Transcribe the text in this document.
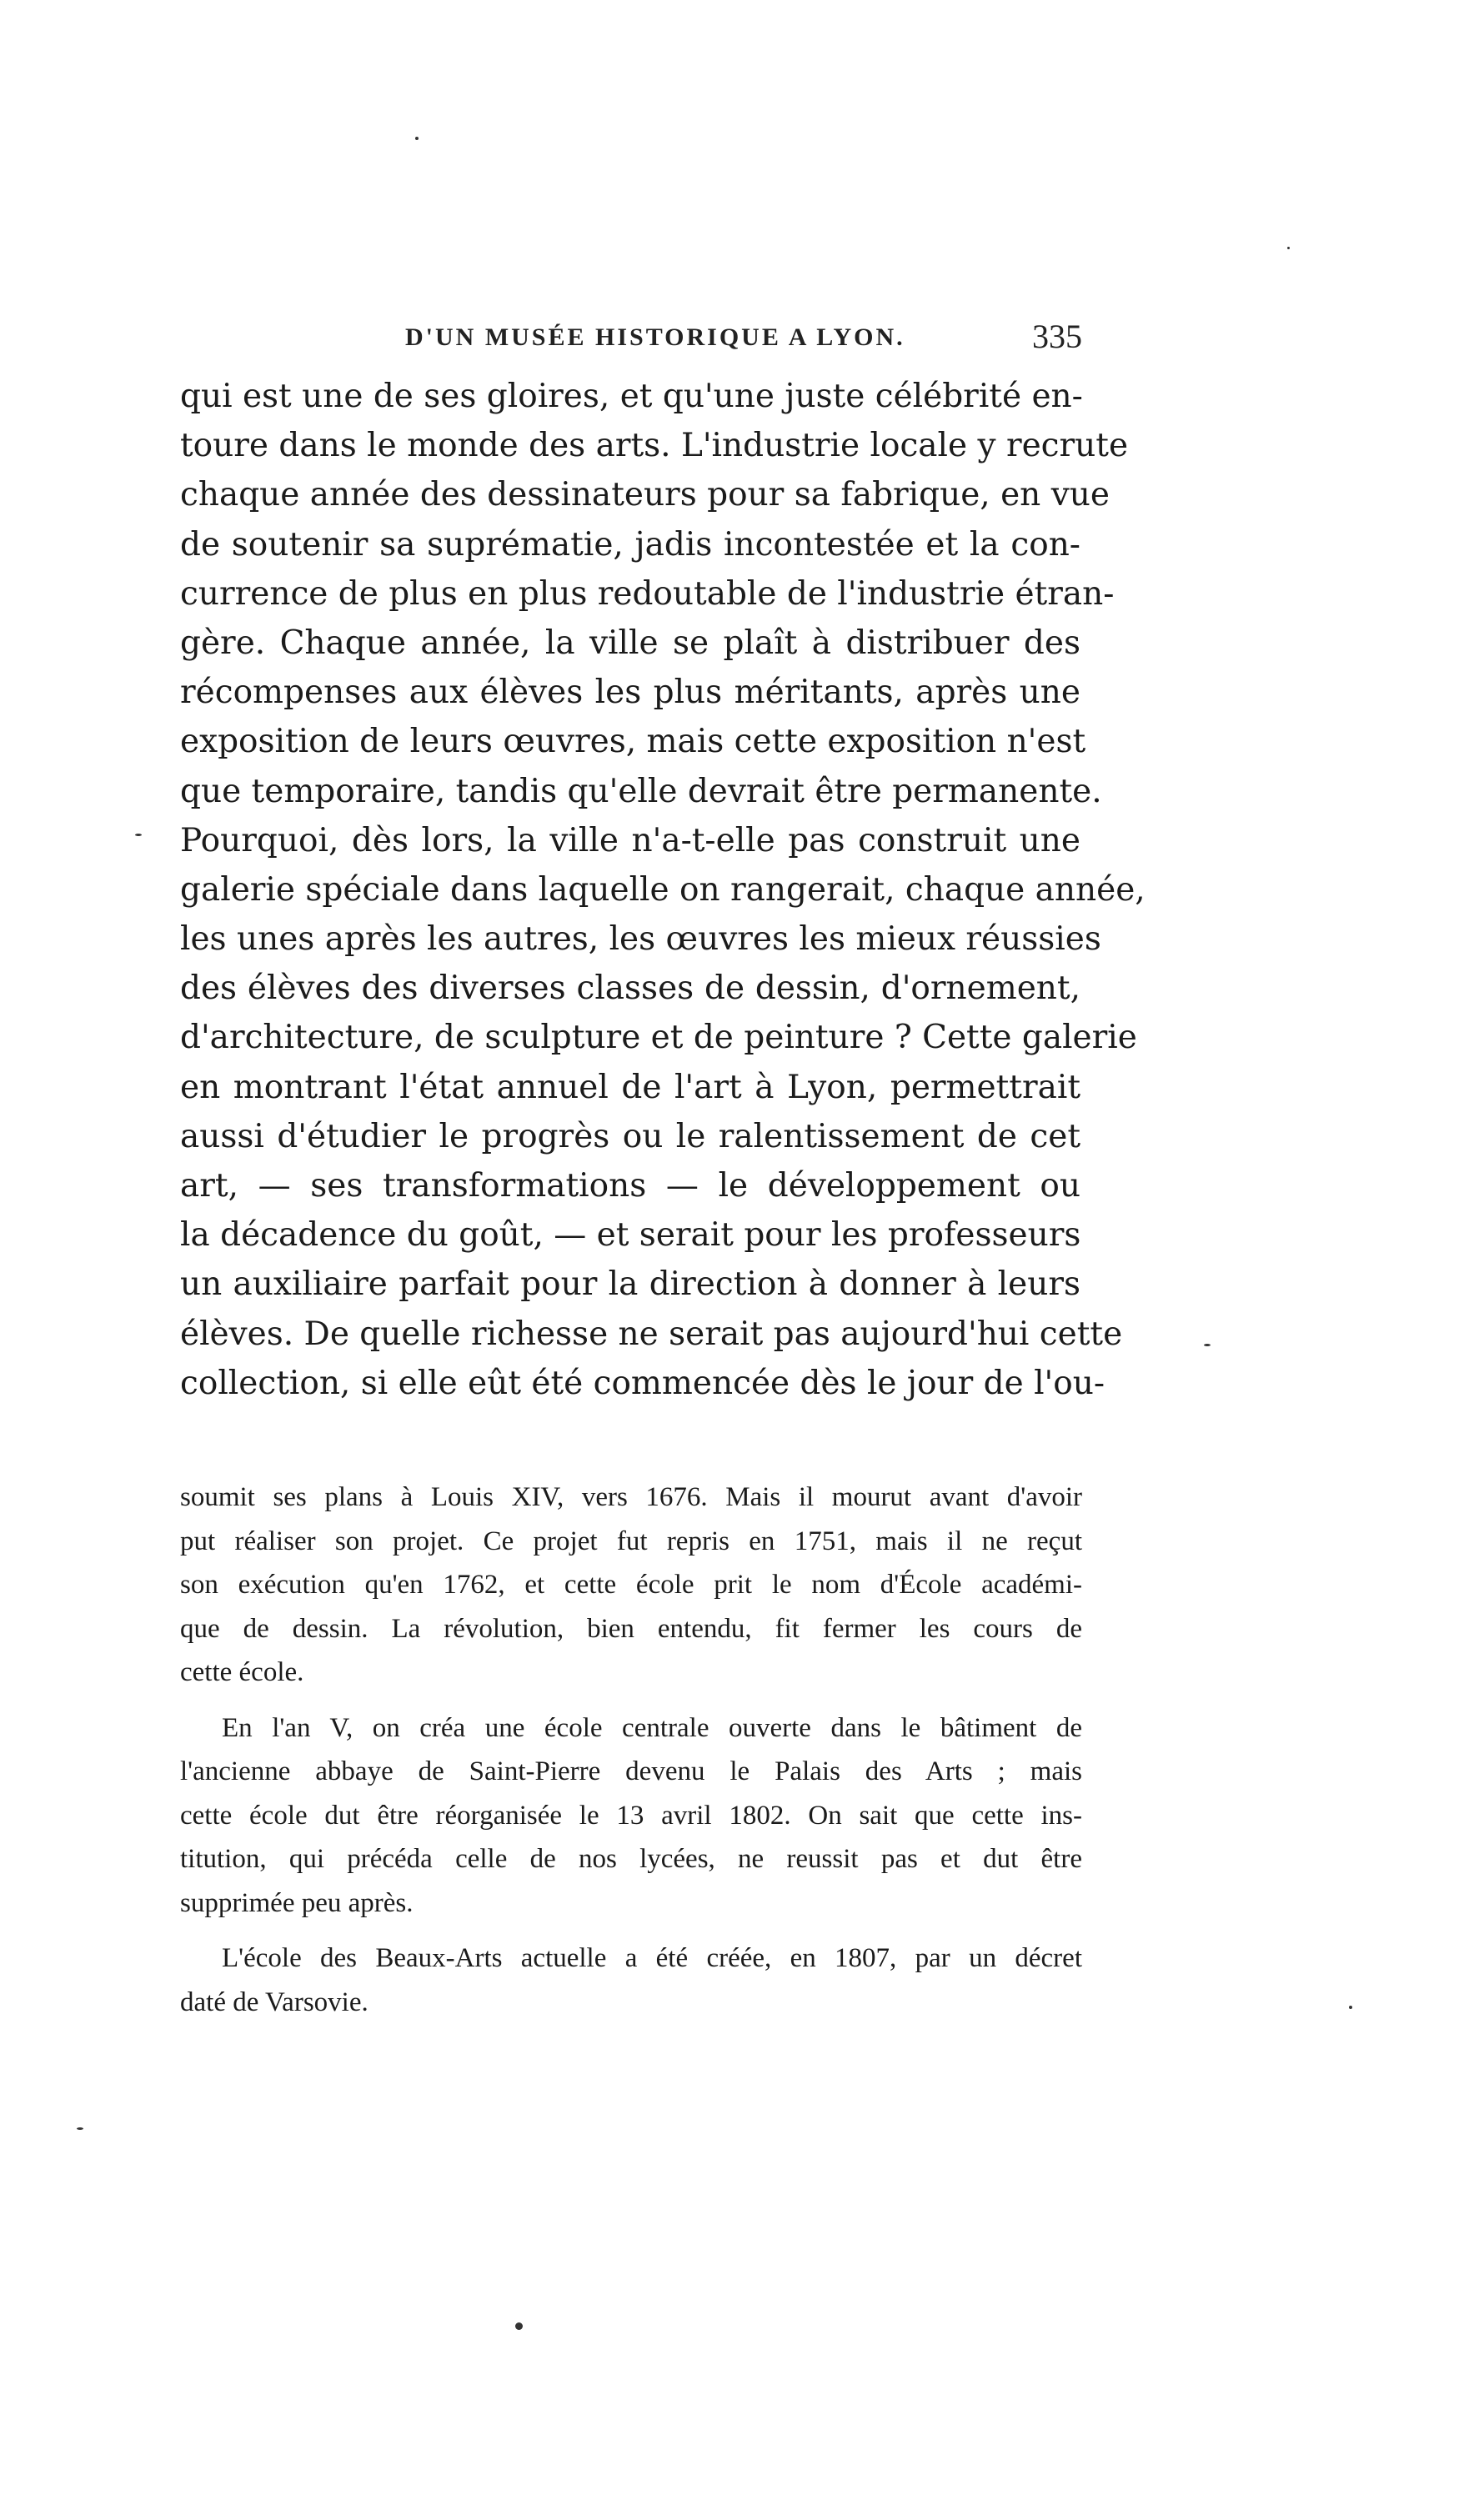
D'UN MUSÉE HISTORIQUE A LYON.	335
qui est une de ses gloires, et qu'une juste célébrité en-
toure dans le monde des arts. L'industrie locale y recrute
chaque année des dessinateurs pour sa fabrique, en vue
de soutenir sa suprématie, jadis incontestée et la con-
currence de plus en plus redoutable de l'industrie étran-
gère. Chaque année, la ville se plaît à distribuer des
récompenses aux élèves les plus méritants, après une
exposition de leurs œuvres, mais cette exposition n'est
que temporaire, tandis qu'elle devrait être permanente.
Pourquoi, dès lors, la ville n'a-t-elle pas construit une
galerie spéciale dans laquelle on rangerait, chaque année,
les unes après les autres, les œuvres les mieux réussies
des élèves des diverses classes de dessin, d'ornement,
d'architecture, de sculpture et de peinture ? Cette galerie
en montrant l'état annuel de l'art à Lyon, permettrait
aussi d'étudier le progrès ou le ralentissement de cet
art, — ses transformations — le développement ou
la décadence du goût, — et serait pour les professeurs
un auxiliaire parfait pour la direction à donner à leurs
élèves. De quelle richesse ne serait pas aujourd'hui cette
collection, si elle eût été commencée dès le jour de l'ou-
soumit ses plans à Louis XIV, vers 1676. Mais il mourut avant d'avoir
put réaliser son projet. Ce projet fut repris en 1751, mais il ne reçut
son exécution qu'en 1762, et cette école prit le nom d'École académi-
que de dessin. La révolution, bien entendu, fit fermer les cours de
cette école.
En l'an V, on créa une école centrale ouverte dans le bâtiment de
l'ancienne abbaye de Saint-Pierre devenu le Palais des Arts ; mais
cette école dut être réorganisée le 13 avril 1802. On sait que cette ins-
titution, qui précéda celle de nos lycées, ne reussit pas et dut être
supprimée peu après.
L'école des Beaux-Arts actuelle a été créée, en 1807, par un décret
daté de Varsovie.
